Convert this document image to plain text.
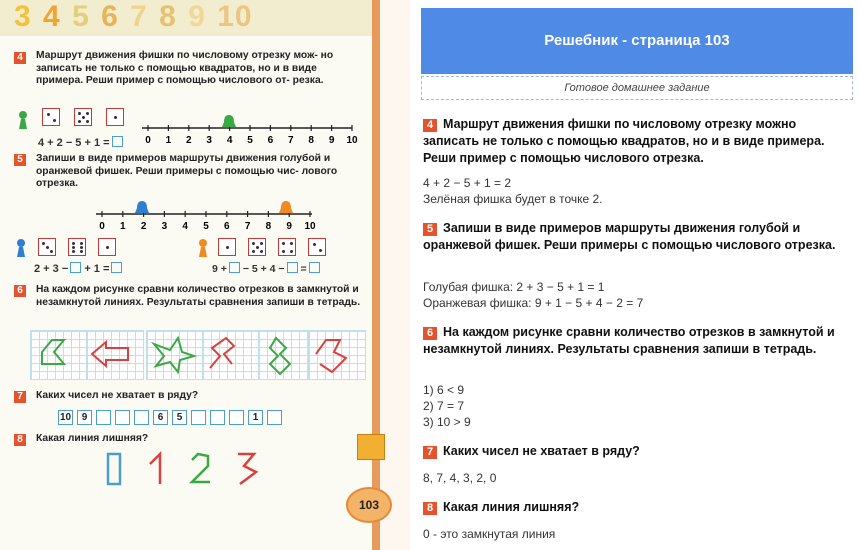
3 4 5 6 7 8 9 10
4	Маршрут движения фишки по числовому отрезку мож- но записать не только с помощью квадратов, но и в виде примера. Реши пример с помощью числового от- резка.
4 + 2 − 5 + 1 =	0 1 2 3 4 5 6 7 8 9 10
5	Запиши в виде примеров маршруты движения голубой и оранжевой фишек. Реши примеры с помощью чис- лового отрезка.
0 1 2 3 4 5 6 7 8 9 10
2 + 3 − + 1 =	9 + − 5 + 4 − =
6	На каждом рисунке сравни количество отрезков в замкнутой и незамкнутой линиях. Результаты сравнения запиши в тетрадь.
7	Каких чисел не хватает в ряду?
10	9	6	5	1
8	Какая линия лишняя?
103
Решебник - страница 103
Готовое домашнее задание
4 Маршрут движения фишки по числовому отрезку можно записать не только с помощью квадратов, но и в виде примера. Реши пример с помощью числового отрезка.
4 + 2 − 5 + 1 = 2
Зелёная фишка будет в точке 2.
5 Запиши в виде примеров маршруты движения голубой и оранжевой фишек. Реши примеры с помощью числового отрезка.
Голубая фишка: 2 + 3 − 5 + 1 = 1
Оранжевая фишка: 9 + 1 − 5 + 4 − 2 = 7
6 На каждом рисунке сравни количество отрезков в замкнутой и незамкнутой линиях. Результаты сравнения запиши в тетрадь.
1) 6 < 9
2) 7 = 7
3) 10 > 9
7 Каких чисел не хватает в ряду?
8, 7, 4, 3, 2, 0
8 Какая линия лишняя?
0 - это замкнутая линия
